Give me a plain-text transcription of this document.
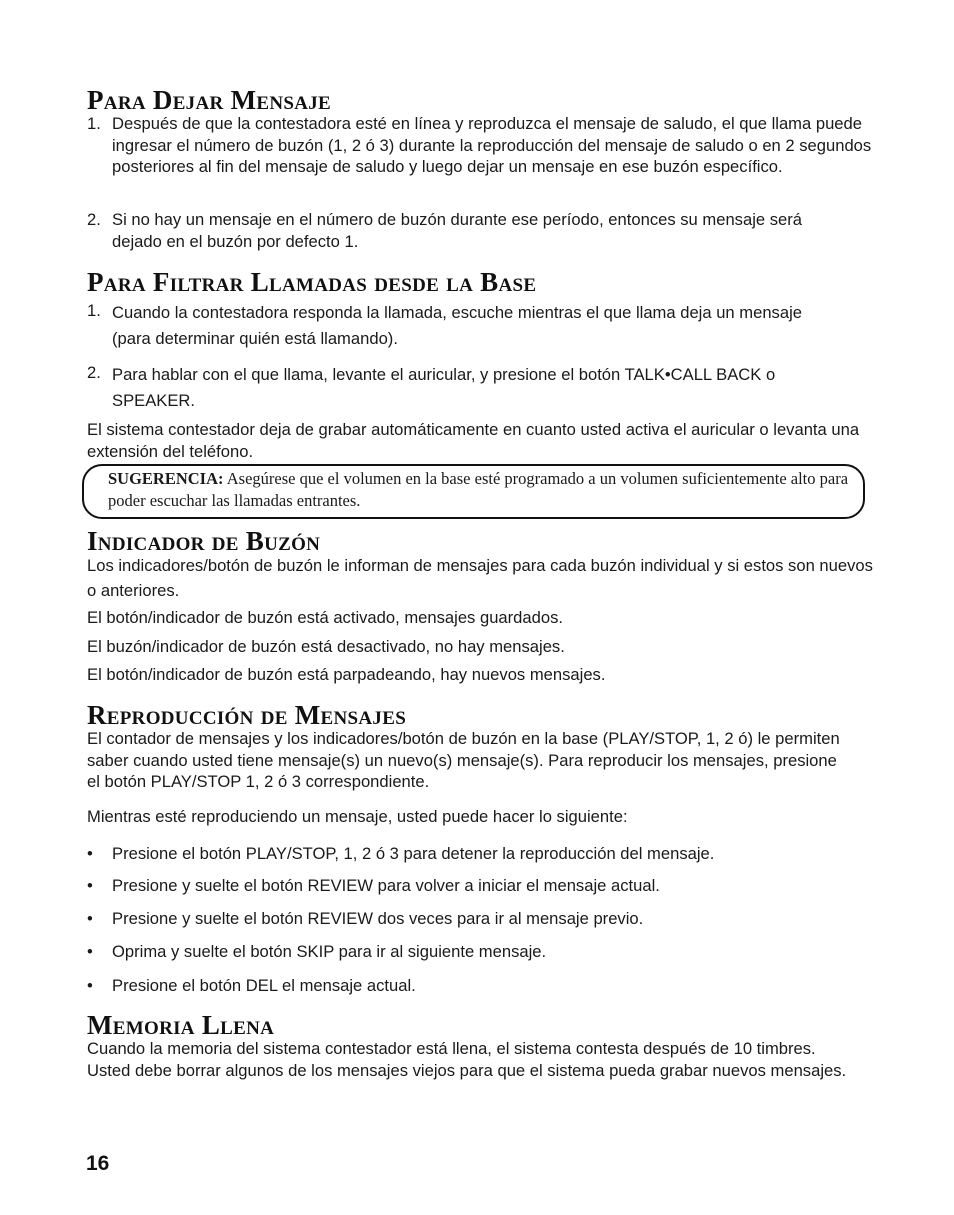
Para Dejar Mensaje
1. Después de que la contestadora esté en línea y reproduzca el mensaje de saludo, el que llama puede ingresar el número de buzón (1, 2 ó 3) durante la reproducción del mensaje de saludo o en 2 segundos posteriores al fin del mensaje de saludo y luego dejar un mensaje en ese buzón específico.

2. Si no hay un mensaje en el número de buzón durante ese período, entonces su mensaje será dejado en el buzón por defecto 1.

Para Filtrar Llamadas desde la Base
1. Cuando la contestadora responda la llamada, escuche mientras el que llama deja un mensaje (para determinar quién está llamando).

2. Para hablar con el que llama, levante el auricular, y presione el botón TALK•CALL BACK o SPEAKER.

El sistema contestador deja de grabar automáticamente en cuanto usted activa el auricular o levanta una extensión del teléfono.

SUGERENCIA: Asegúrese que el volumen en la base esté programado a un volumen suficientemente alto para poder escuchar las llamadas entrantes.

Indicador de Buzón

Los indicadores/botón de buzón le informan de mensajes para cada buzón individual y si estos son nuevos o anteriores.

El botón/indicador de buzón está activado, mensajes guardados.

El buzón/indicador de buzón está desactivado, no hay mensajes.

El botón/indicador de buzón está parpadeando, hay nuevos mensajes.

Reproducción de Mensajes

El contador de mensajes y los indicadores/botón de buzón en la base (PLAY/STOP, 1, 2 ó) le permiten saber cuando usted tiene mensaje(s) un nuevo(s) mensaje(s). Para reproducir los mensajes, presione el botón PLAY/STOP 1, 2 ó 3 correspondiente.

Mientras esté reproduciendo un mensaje, usted puede hacer lo siguiente:

• Presione el botón PLAY/STOP, 1, 2 ó 3 para detener la reproducción del mensaje.

• Presione y suelte el botón REVIEW para volver a iniciar el mensaje actual.

• Presione y suelte el botón REVIEW dos veces para ir al mensaje previo.

• Oprima y suelte el botón SKIP para ir al siguiente mensaje.

• Presione el botón DEL el mensaje actual.

Memoria Llena

Cuando la memoria del sistema contestador está llena, el sistema contesta después de 10 timbres. Usted debe borrar algunos de los mensajes viejos para que el sistema pueda grabar nuevos mensajes.

16
